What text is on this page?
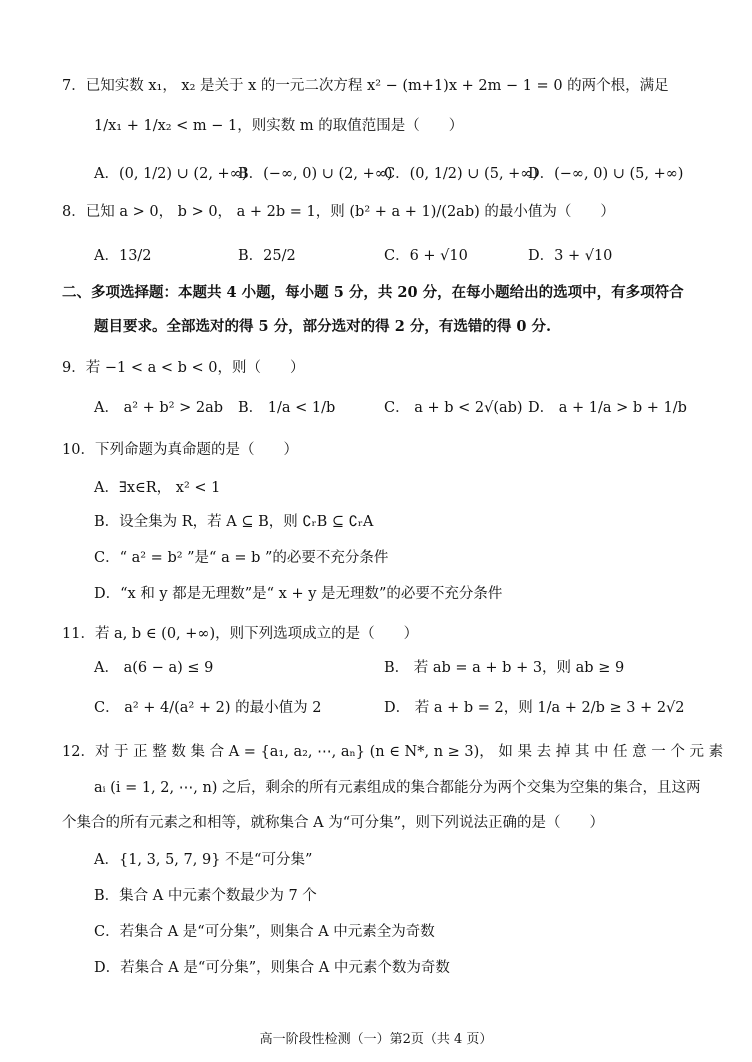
7．已知实数 x₁， x₂ 是关于 x 的一元二次方程 x² − (m+1)x + 2m − 1 = 0 的两个根，满足
1/x₁ + 1/x₂ < m − 1，则实数 m 的取值范围是（　　）
A．(0, 1/2) ∪ (2, +∞)
B．(−∞, 0) ∪ (2, +∞)
C．(0, 1/2) ∪ (5, +∞)
D．(−∞, 0) ∪ (5, +∞)
8．已知 a > 0， b > 0， a + 2b = 1，则 (b² + a + 1)/(2ab) 的最小值为（　　）
A．13/2	B．25/2	C．6 + √10	D．3 + √10
二、多项选择题：本题共 4 小题，每小题 5 分，共 20 分，在每小题给出的选项中，有多项符合
题目要求。全部选对的得 5 分，部分选对的得 2 分，有选错的得 0 分.
9．若 −1 < a < b < 0，则（　　）
A． a² + b² > 2ab B． 1/a < 1/b	C． a + b < 2√(ab) D． a + 1/a > b + 1/b
10．下列命题为真命题的是（　　）
A．∃x∈R， x² < 1
B．设全集为 R，若 A ⊆ B，则 ∁ᵣB ⊆ ∁ᵣA
C．“ a² = b² ”是“ a = b ”的必要不充分条件
D．“x 和 y 都是无理数”是“ x + y 是无理数”的必要不充分条件
11．若 a, b ∈ (0, +∞)，则下列选项成立的是（　　）
A． a(6 − a) ≤ 9	B． 若 ab = a + b + 3，则 ab ≥ 9
C． a² + 4/(a² + 2) 的最小值为 2	D． 若 a + b = 2，则 1/a + 2/b ≥ 3 + 2√2
12．对 于 正 整 数 集 合 A = {a₁, a₂, ⋯, aₙ} (n ∈ N*, n ≥ 3)， 如 果 去 掉 其 中 任 意 一 个 元 素
aᵢ (i = 1, 2, ⋯, n) 之后，剩余的所有元素组成的集合都能分为两个交集为空集的集合，且这两
个集合的所有元素之和相等，就称集合 A 为“可分集”，则下列说法正确的是（　　）
A．{1, 3, 5, 7, 9} 不是“可分集”
B．集合 A 中元素个数最少为 7 个
C．若集合 A 是“可分集”，则集合 A 中元素全为奇数
D．若集合 A 是“可分集”，则集合 A 中元素个数为奇数
高一阶段性检测（一）第2页（共 4 页）
